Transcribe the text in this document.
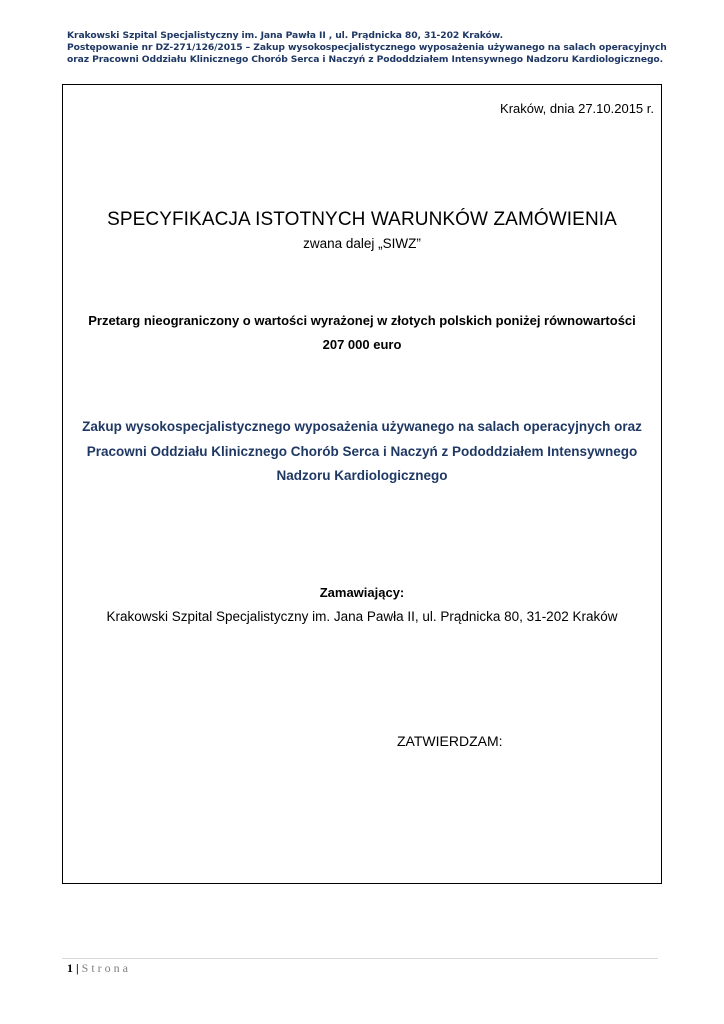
Krakowski Szpital Specjalistyczny im. Jana Pawła II , ul. Prądnicka 80, 31-202 Kraków.
Postępowanie nr DZ-271/126/2015 – Zakup wysokospecjalistycznego wyposażenia używanego na salach operacyjnych
oraz Pracowni Oddziału Klinicznego Chorób Serca i Naczyń z Pododdziałem Intensywnego Nadzoru Kardiologicznego.
Kraków, dnia 27.10.2015 r.
SPECYFIKACJA ISTOTNYCH WARUNKÓW ZAMÓWIENIA
zwana dalej „SIWZ”
Przetarg nieograniczony o wartości wyrażonej w złotych polskich poniżej równowartości
207 000 euro
Zakup wysokospecjalistycznego wyposażenia używanego na salach operacyjnych oraz
Pracowni Oddziału Klinicznego Chorób Serca i Naczyń z Pododdziałem Intensywnego
Nadzoru Kardiologicznego
Zamawiający:
Krakowski Szpital Specjalistyczny im. Jana Pawła II, ul. Prądnicka 80, 31-202 Kraków
ZATWIERDZAM:
1 | Strona
